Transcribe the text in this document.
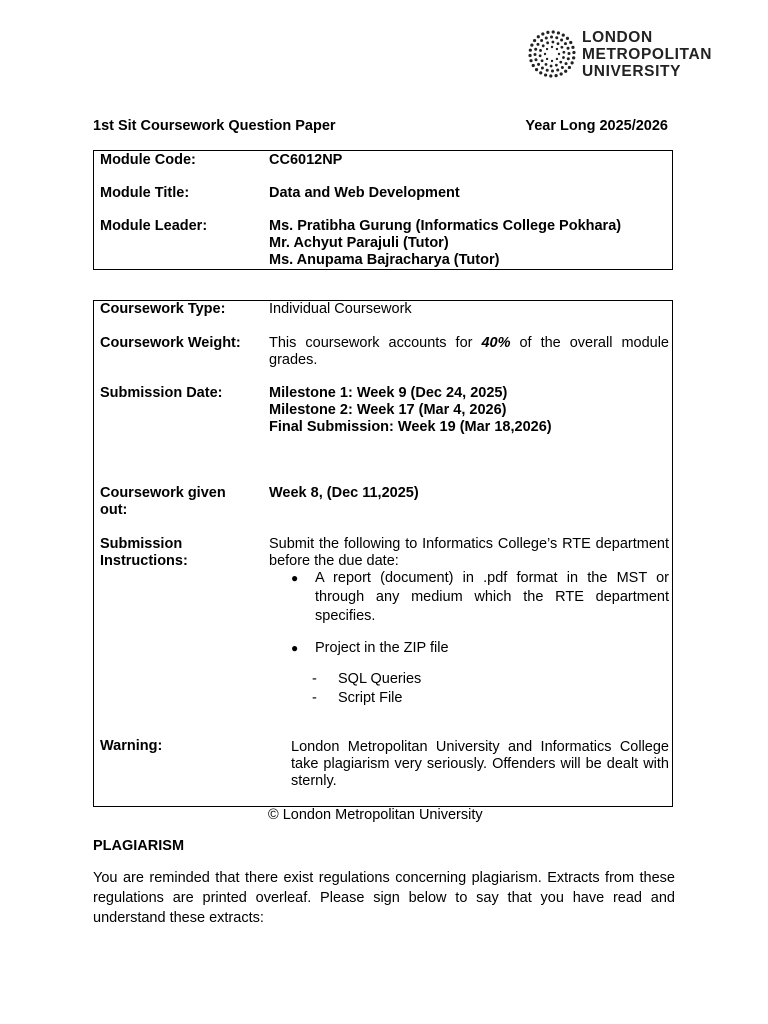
LONDON
METROPOLITAN
UNIVERSITY
1st Sit Coursework Question Paper	Year Long 2025/2026
Module Code:	CC6012NP
Module Title:	Data and Web Development
Module Leader:	Ms. Pratibha Gurung (Informatics College Pokhara)
Mr. Achyut Parajuli (Tutor)
Ms. Anupama Bajracharya (Tutor)
Coursework Type:	Individual Coursework
Coursework Weight: This coursework accounts for 40% of the overall module grades.
Submission Date:	Milestone 1: Week 9 (Dec 24, 2025)
Milestone 2: Week 17 (Mar 4, 2026)
Final Submission: Week 19 (Mar 18,2026)
Coursework given
out:
Week 8, (Dec 11,2025)
Submission
Instructions:
Submit the following to Informatics College’s RTE department before the due date:
● A report (document) in .pdf format in the MST or through any medium which the RTE department specifies.
● Project in the ZIP file
- SQL Queries
- Script File
Warning:	London Metropolitan University and Informatics College take plagiarism very seriously. Offenders will be dealt with sternly.
© London Metropolitan University
PLAGIARISM
You are reminded that there exist regulations concerning plagiarism. Extracts from these regulations are printed overleaf. Please sign below to say that you have read and understand these extracts:
